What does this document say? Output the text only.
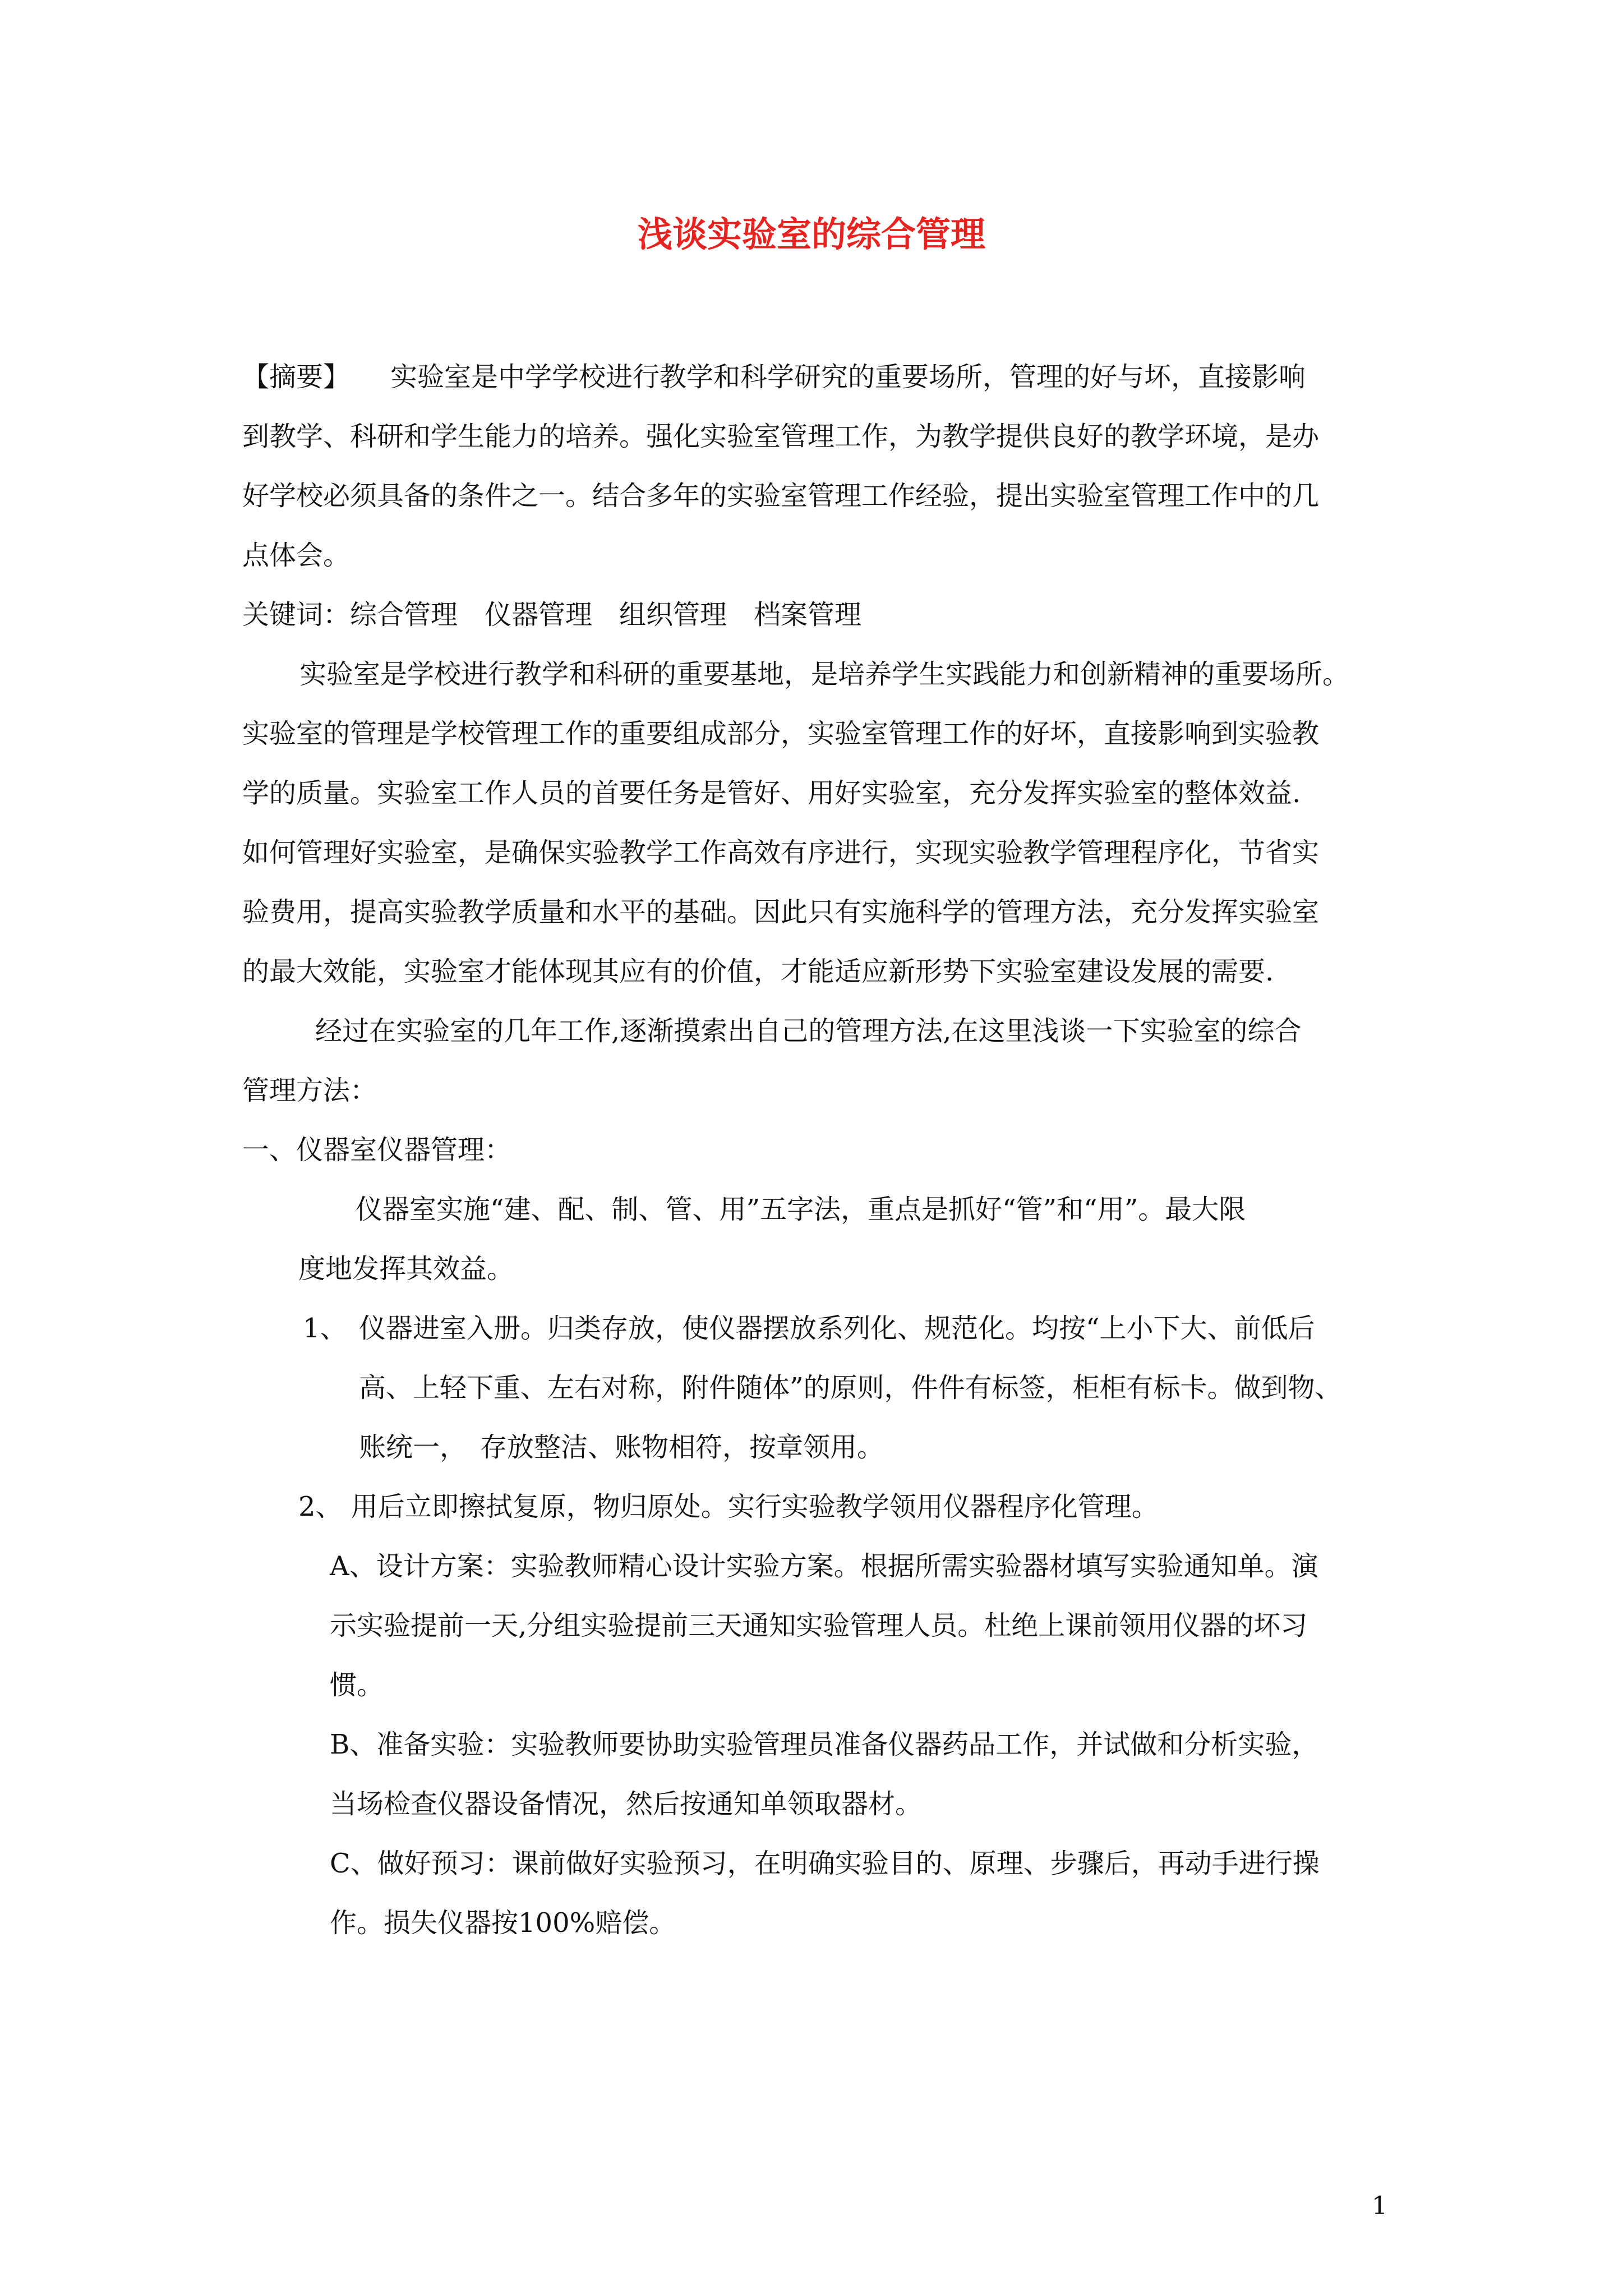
浅谈实验室的综合管理
【摘要】　　实验室是中学学校进行教学和科学研究的重要场所，管理的好与坏，直接影响
到教学、科研和学生能力的培养。强化实验室管理工作，为教学提供良好的教学环境，是办
好学校必须具备的条件之一。结合多年的实验室管理工作经验，提出实验室管理工作中的几
点体会。
关键词：综合管理　仪器管理　组织管理　档案管理
实验室是学校进行教学和科研的重要基地，是培养学生实践能力和创新精神的重要场所。
实验室的管理是学校管理工作的重要组成部分，实验室管理工作的好坏，直接影响到实验教
学的质量。实验室工作人员的首要任务是管好、用好实验室，充分发挥实验室的整体效益.
如何管理好实验室，是确保实验教学工作高效有序进行，实现实验教学管理程序化，节省实
验费用，提高实验教学质量和水平的基础。因此只有实施科学的管理方法，充分发挥实验室
的最大效能，实验室才能体现其应有的价值，才能适应新形势下实验室建设发展的需要.
经过在实验室的几年工作,逐渐摸索出自己的管理方法,在这里浅谈一下实验室的综合
管理方法：
一、仪器室仪器管理：
仪器室实施“建、配、制、管、用”五字法，重点是抓好“管”和“用”。最大限
度地发挥其效益。
1、 仪器进室入册。归类存放，使仪器摆放系列化、规范化。均按“上小下大、前低后
高、上轻下重、左右对称，附件随体”的原则，件件有标签，柜柜有标卡。做到物、
账统一，　存放整洁、账物相符，按章领用。
2、 用后立即擦拭复原，物归原处。实行实验教学领用仪器程序化管理。
A、设计方案：实验教师精心设计实验方案。根据所需实验器材填写实验通知单。演
示实验提前一天,分组实验提前三天通知实验管理人员。杜绝上课前领用仪器的坏习
惯。
B、准备实验：实验教师要协助实验管理员准备仪器药品工作，并试做和分析实验，
当场检查仪器设备情况，然后按通知单领取器材。
C、做好预习：课前做好实验预习，在明确实验目的、原理、步骤后，再动手进行操
作。损失仪器按100%赔偿。
1
